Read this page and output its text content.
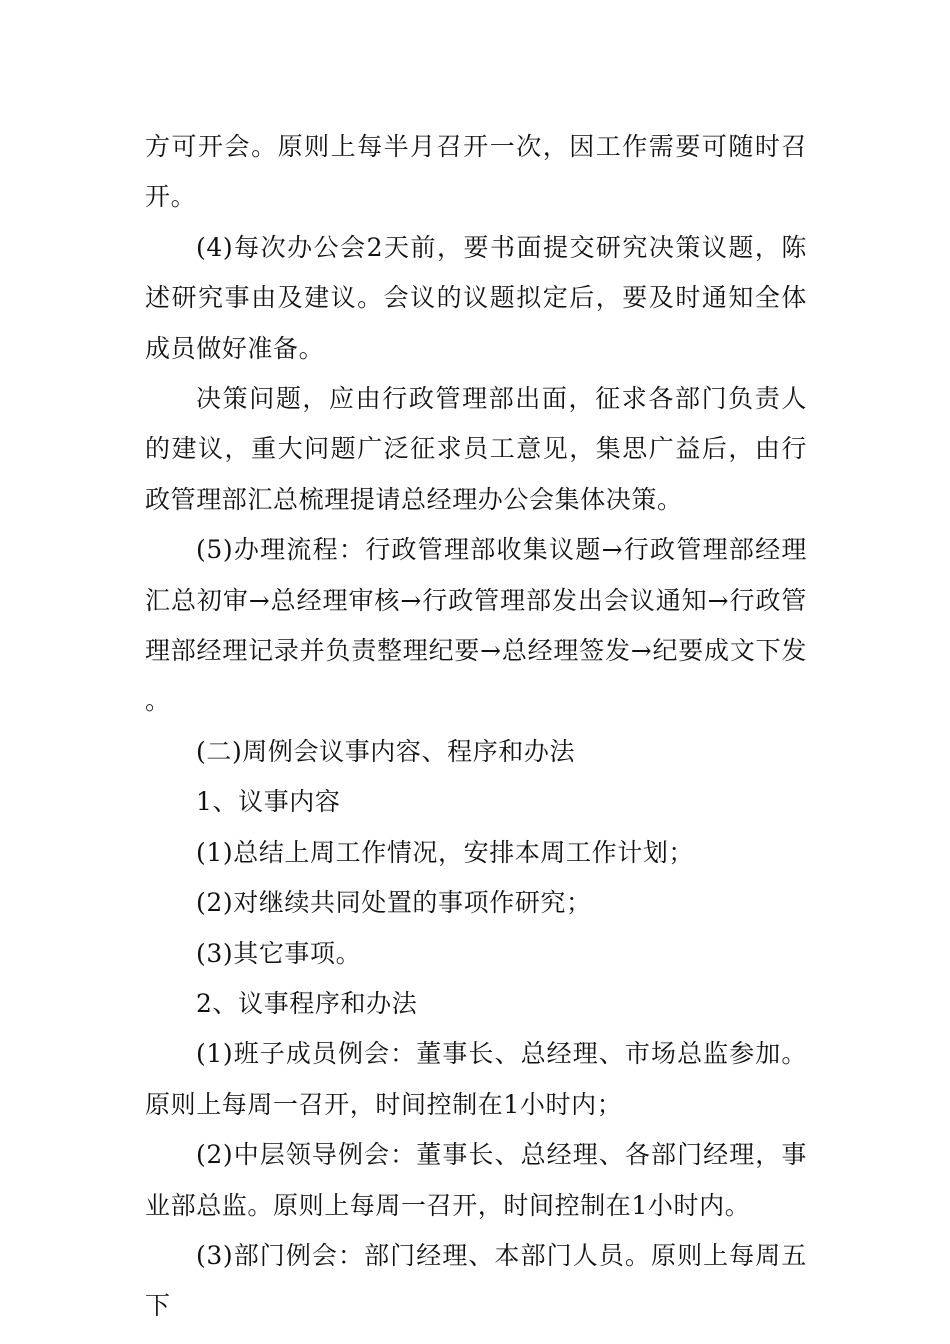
方可开会。原则上每半月召开一次，因工作需要可随时召开。

(4)每次办公会2天前，要书面提交研究决策议题，陈述研究事由及建议。会议的议题拟定后，要及时通知全体成员做好准备。

决策问题，应由行政管理部出面，征求各部门负责人的建议，重大问题广泛征求员工意见，集思广益后，由行政管理部汇总梳理提请总经理办公会集体决策。

(5)办理流程：行政管理部收集议题→行政管理部经理汇总初审→总经理审核→行政管理部发出会议通知→行政管理部经理记录并负责整理纪要→总经理签发→纪要成文下发。

(二)周例会议事内容、程序和办法

1、议事内容

(1)总结上周工作情况，安排本周工作计划；

(2)对继续共同处置的事项作研究；

(3)其它事项。

2、议事程序和办法

(1)班子成员例会：董事长、总经理、市场总监参加。原则上每周一召开，时间控制在1小时内；

(2)中层领导例会：董事长、总经理、各部门经理，事业部总监。原则上每周一召开，时间控制在1小时内。

(3)部门例会：部门经理、本部门人员。原则上每周五下
